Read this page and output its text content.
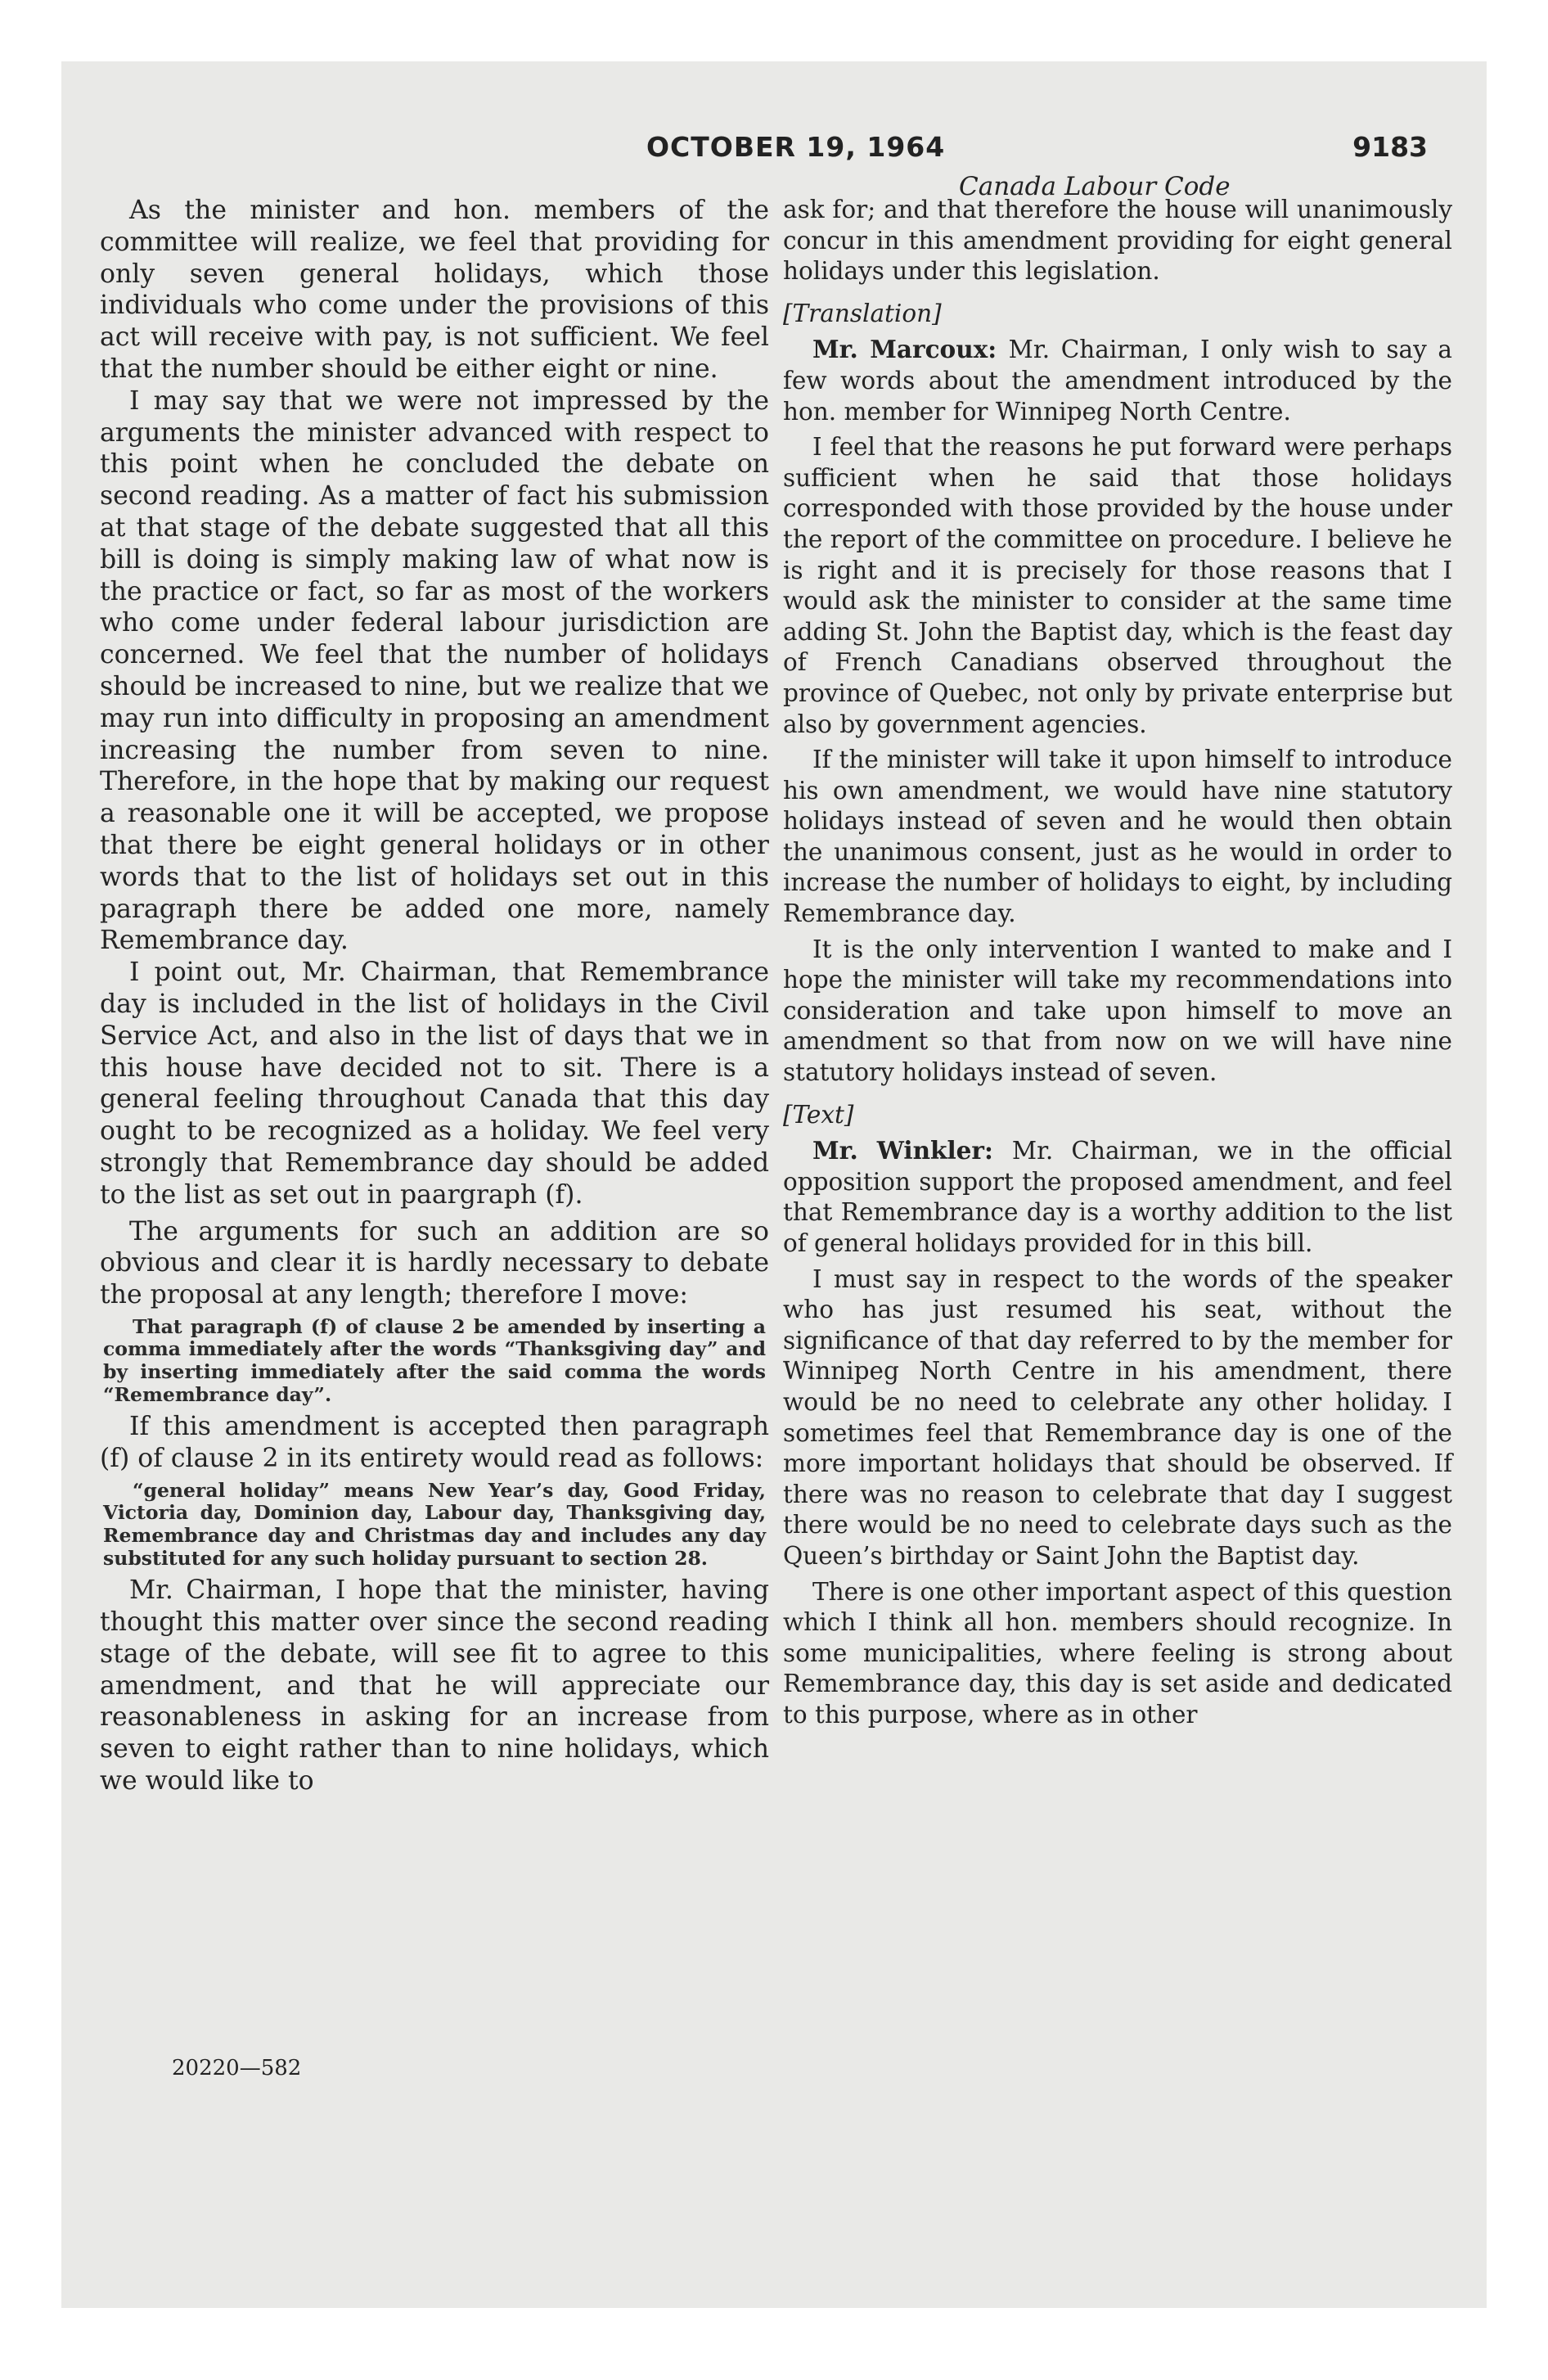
OCTOBER 19, 1964	9183
Canada Labour Code

As the minister and hon. members of the committee will realize, we feel that providing for only seven general holidays, which those individuals who come under the provisions of this act will receive with pay, is not sufficient. We feel that the number should be either eight or nine.

I may say that we were not impressed by the arguments the minister advanced with respect to this point when he concluded the debate on second reading. As a matter of fact his submission at that stage of the debate suggested that all this bill is doing is simply making law of what now is the practice or fact, so far as most of the workers who come under federal labour jurisdiction are concerned. We feel that the number of holidays should be increased to nine, but we realize that we may run into difficulty in proposing an amendment increasing the number from seven to nine. Therefore, in the hope that by making our request a reasonable one it will be accepted, we propose that there be eight general holidays or in other words that to the list of holidays set out in this paragraph there be added one more, namely Remembrance day.

I point out, Mr. Chairman, that Remembrance day is included in the list of holidays in the Civil Service Act, and also in the list of days that we in this house have decided not to sit. There is a general feeling throughout Canada that this day ought to be recognized as a holiday. We feel very strongly that Remembrance day should be added to the list as set out in paargraph (f).

The arguments for such an addition are so obvious and clear it is hardly necessary to debate the proposal at any length; therefore I move:

That paragraph (f) of clause 2 be amended by inserting a comma immediately after the words “Thanksgiving day” and by inserting immediately after the said comma the words “Remembrance day”.

If this amendment is accepted then paragraph (f) of clause 2 in its entirety would read as follows:

“general holiday” means New Year’s day, Good Friday, Victoria day, Dominion day, Labour day, Thanksgiving day, Remembrance day and Christmas day and includes any day substituted for any such holiday pursuant to section 28.

Mr. Chairman, I hope that the minister, having thought this matter over since the second reading stage of the debate, will see fit to agree to this amendment, and that he will appreciate our reasonableness in asking for an increase from seven to eight rather than to nine holidays, which we would like to

20220—582

ask for; and that therefore the house will unanimously concur in this amendment providing for eight general holidays under this legislation.

[Translation]

Mr. Marcoux: Mr. Chairman, I only wish to say a few words about the amendment introduced by the hon. member for Winnipeg North Centre.

I feel that the reasons he put forward were perhaps sufficient when he said that those holidays corresponded with those provided by the house under the report of the committee on procedure. I believe he is right and it is precisely for those reasons that I would ask the minister to consider at the same time adding St. John the Baptist day, which is the feast day of French Canadians observed throughout the province of Quebec, not only by private enterprise but also by government agencies.

If the minister will take it upon himself to introduce his own amendment, we would have nine statutory holidays instead of seven and he would then obtain the unanimous consent, just as he would in order to increase the number of holidays to eight, by including Remembrance day.

It is the only intervention I wanted to make and I hope the minister will take my recommendations into consideration and take upon himself to move an amendment so that from now on we will have nine statutory holidays instead of seven.

[Text]

Mr. Winkler: Mr. Chairman, we in the official opposition support the proposed amendment, and feel that Remembrance day is a worthy addition to the list of general holidays provided for in this bill.

I must say in respect to the words of the speaker who has just resumed his seat, without the significance of that day referred to by the member for Winnipeg North Centre in his amendment, there would be no need to celebrate any other holiday. I sometimes feel that Remembrance day is one of the more important holidays that should be observed. If there was no reason to celebrate that day I suggest there would be no need to celebrate days such as the Queen’s birthday or Saint John the Baptist day.

There is one other important aspect of this question which I think all hon. members should recognize. In some municipalities, where feeling is strong about Remembrance day, this day is set aside and dedicated to this purpose, where as in other
